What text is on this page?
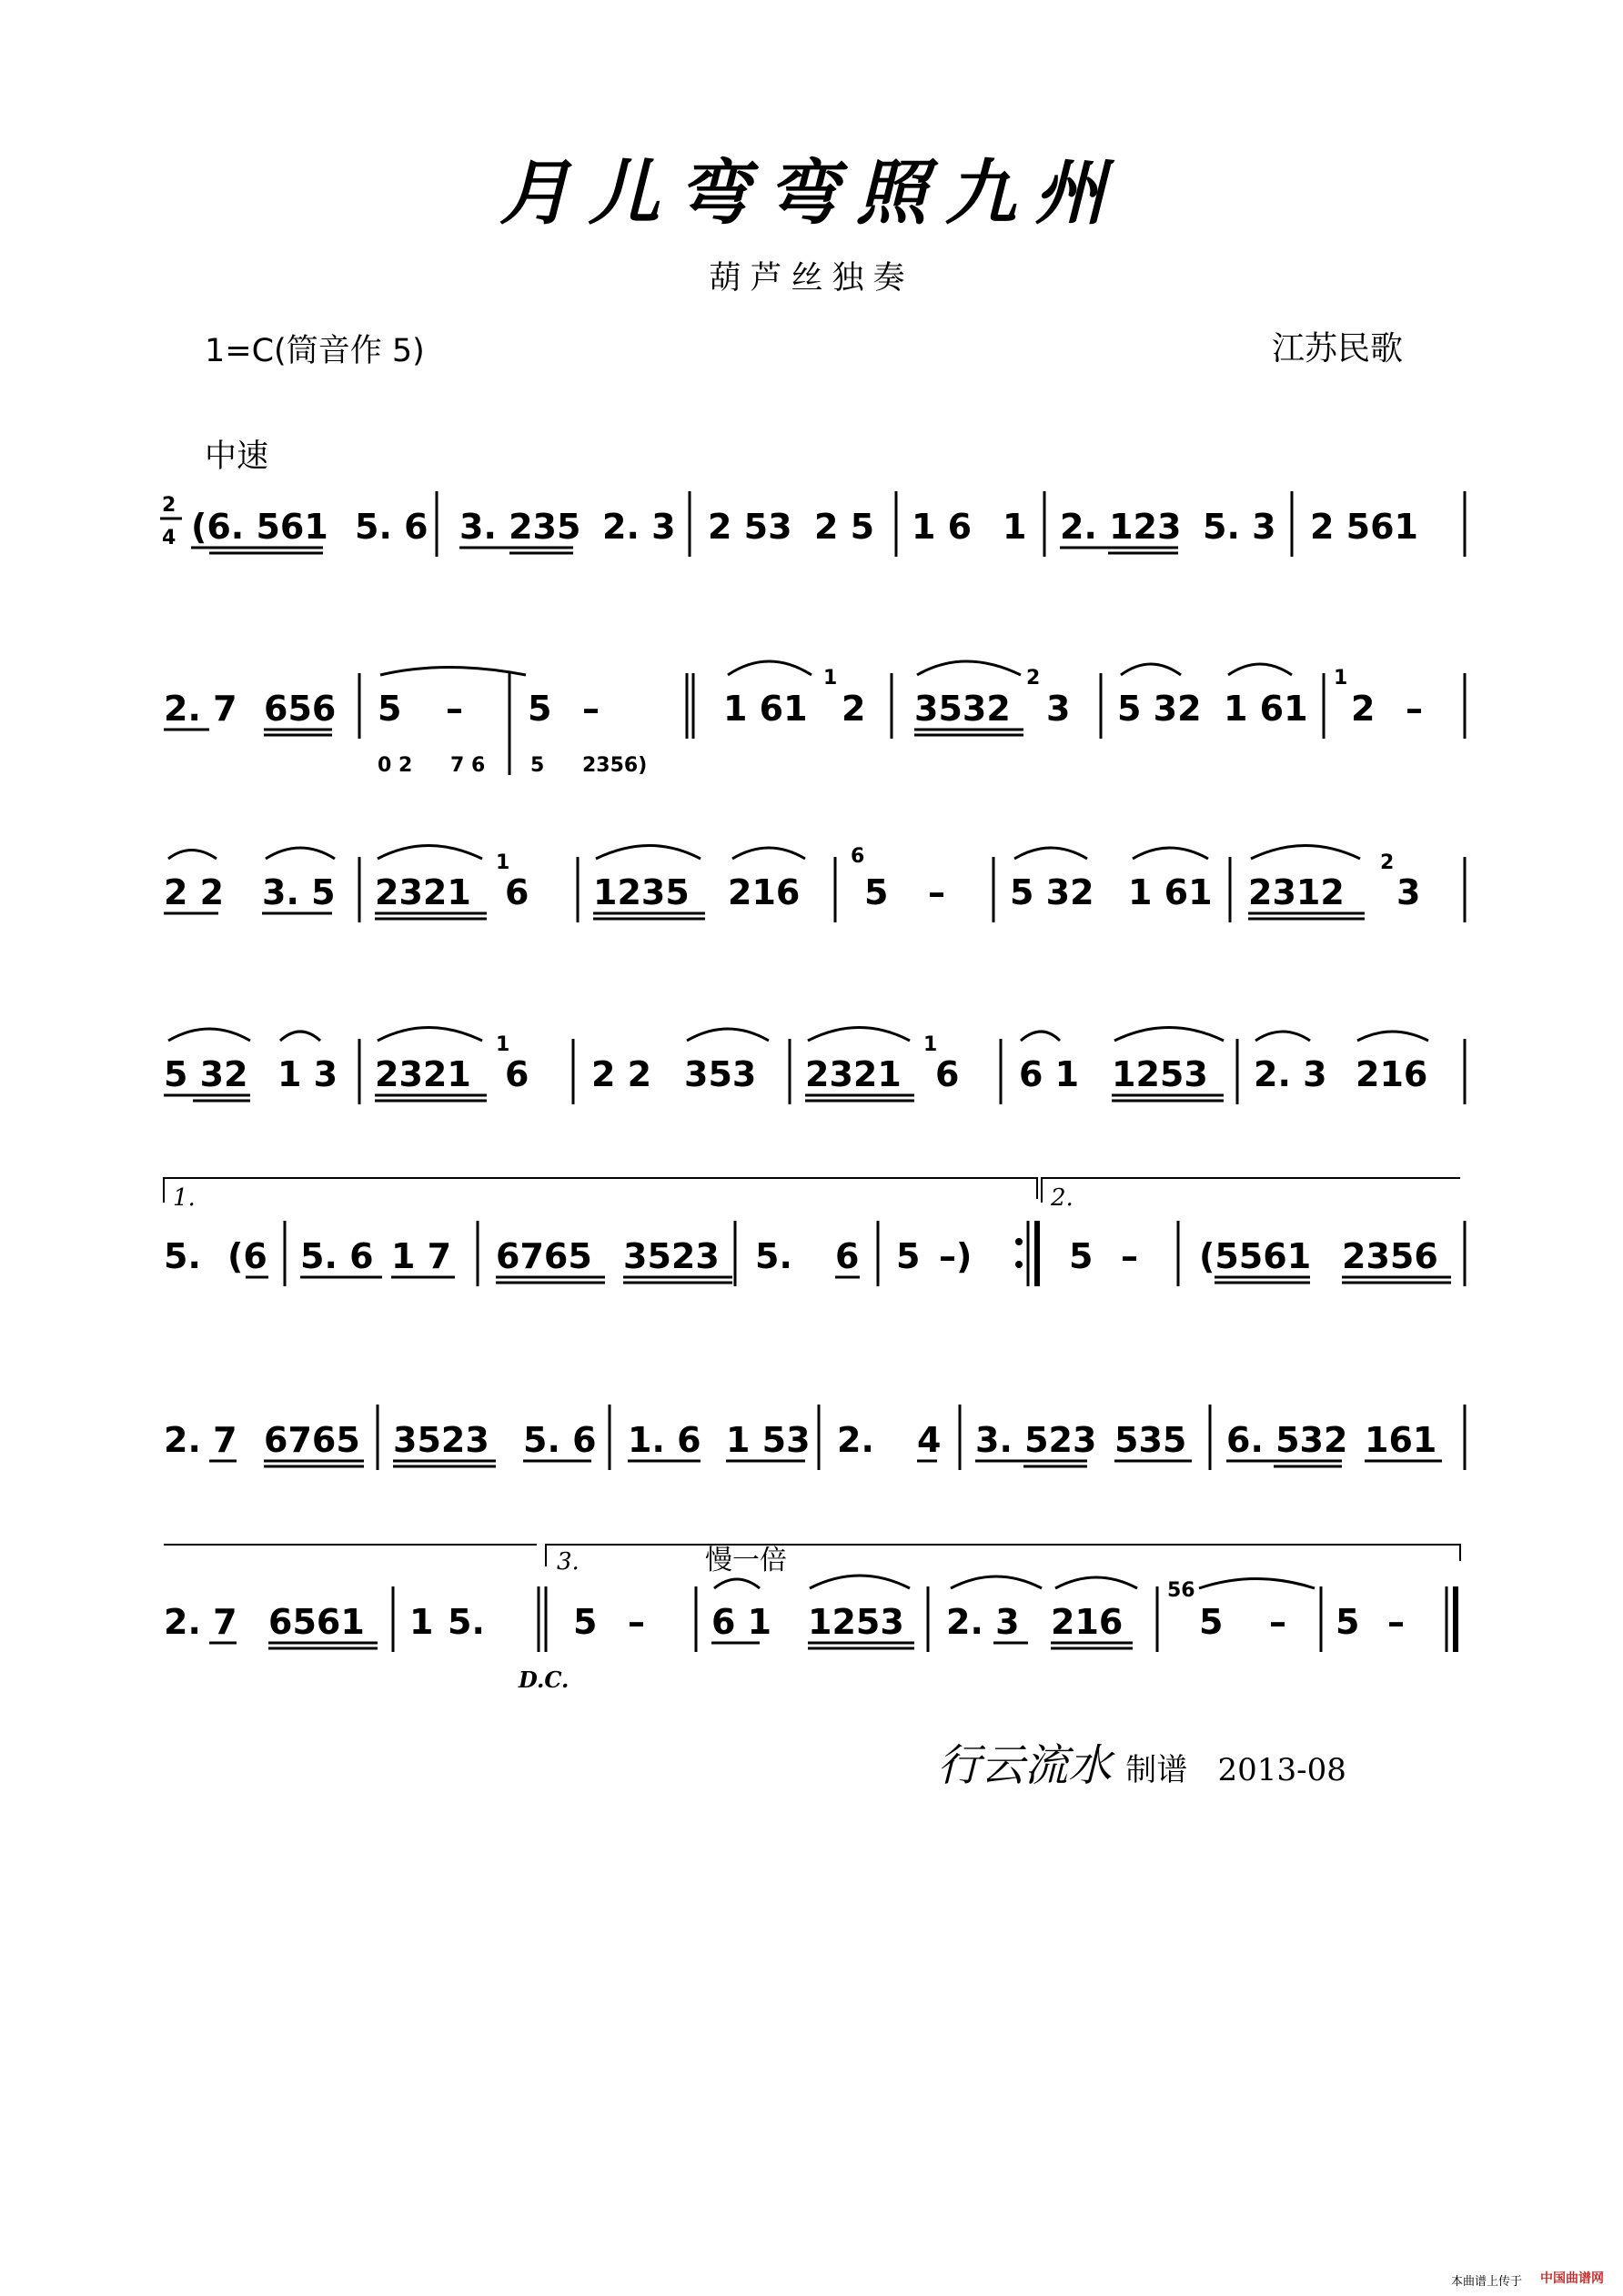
月儿弯弯照九州
葫芦丝独奏
1=C(筒音作 5)	江苏民歌
中速
2
4 (6. 561 5. 6 3. 235 2. 3 2 53 2 5 1 6 1 2. 123 5. 3 2 561
2. 7 656 5 – 5 –	1 61 2 3532 3 5 32 1 61 2 –
0 2 7 6 5 2356)
1	2	1
2 2 3. 5 2321 6 1235 216 5 – 5 32 1 61 2312 3
1	6	2
5 32 1 3 2321 6 2 2 353 2321 6 6 1 1253 2. 3 216
1	1
1.	2.
5. (6 5. 6 1 7 6765 3523 5. 6 5 –)	5 – (5561 2356
2. 7 6765 3523 5. 6 1. 6 1 53 2. 4 3. 523 535 6. 532 161
3.	慢一倍
2. 7 6561 1 5.	5 – 6 1 1253 2. 3 216 5 – 5 –
56
D.C.
行云流水 制谱 2013-08
本曲谱上传于 中国曲谱网
